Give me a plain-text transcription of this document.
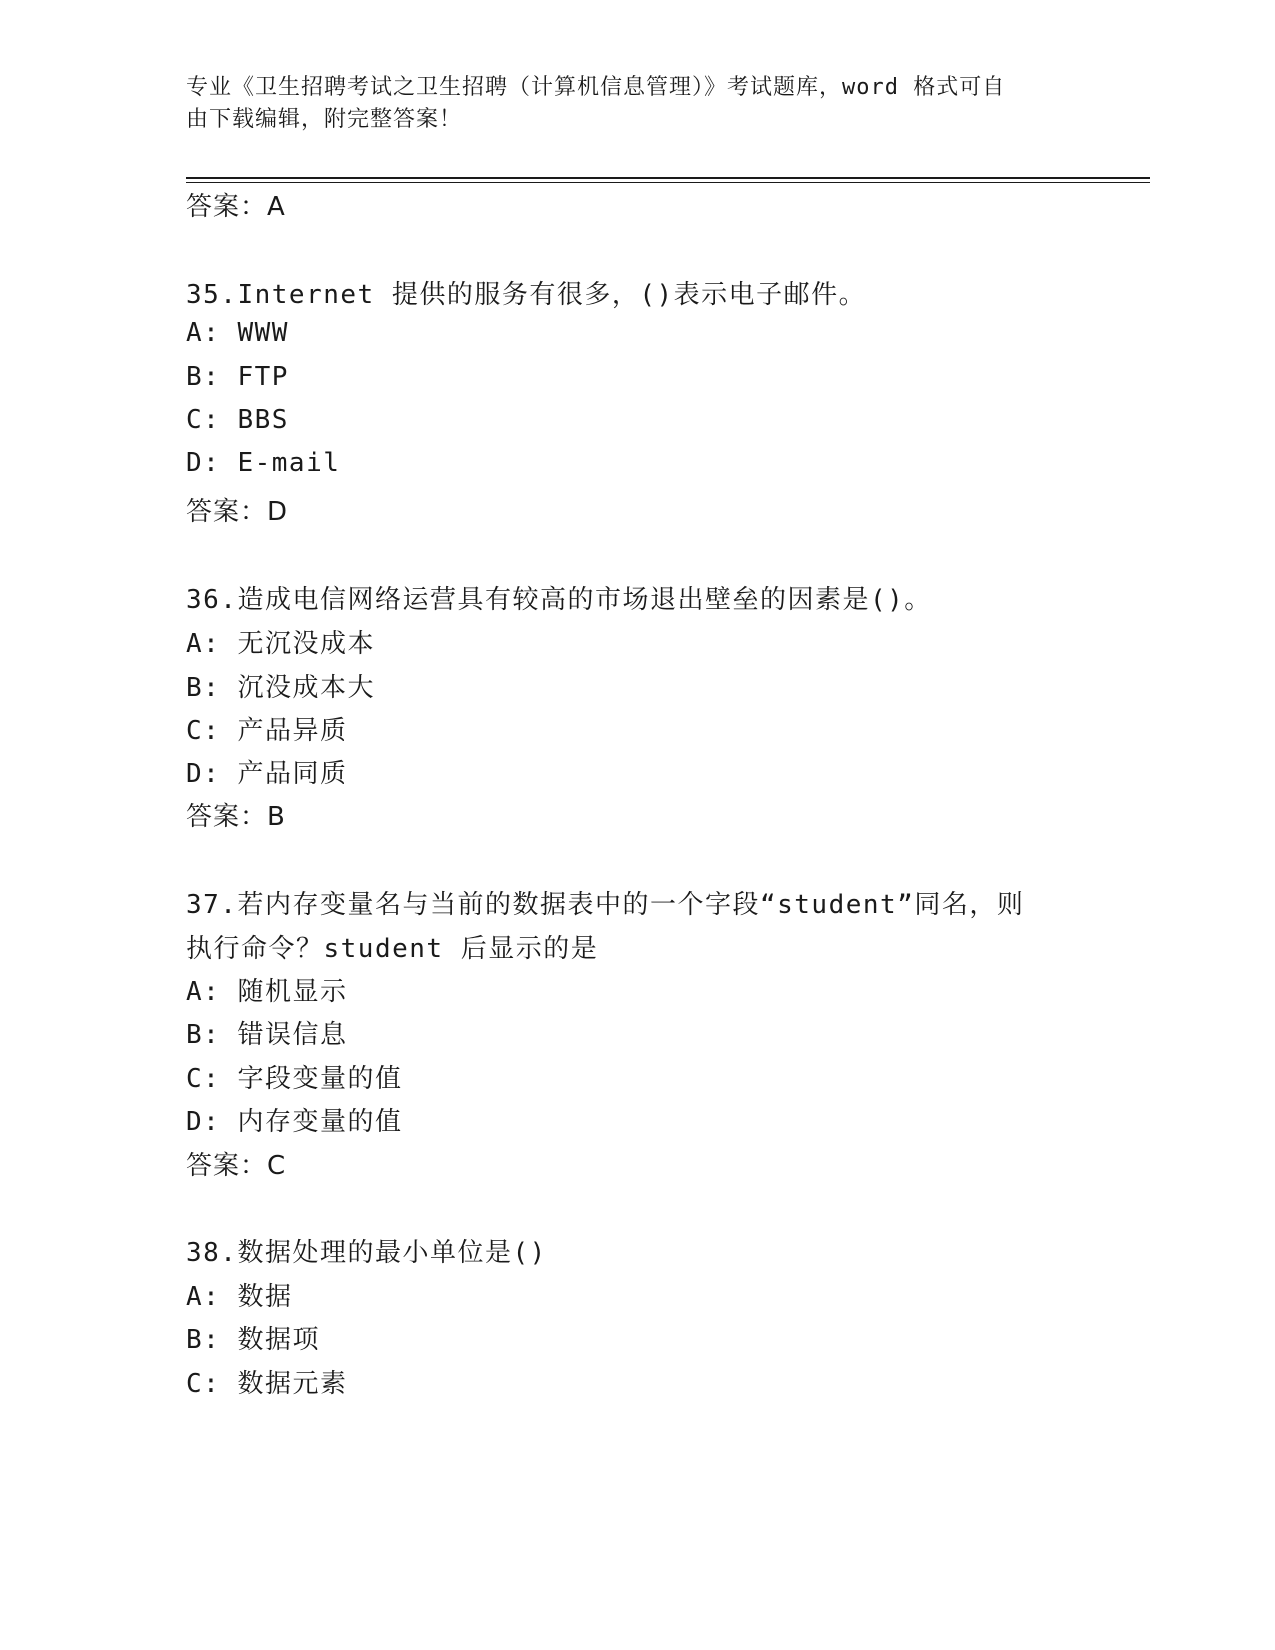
专业《卫生招聘考试之卫生招聘（计算机信息管理）》考试题库，word 格式可自
由下载编辑，附完整答案！
答案：A
35.Internet 提供的服务有很多，()表示电子邮件。
A: WWW
B: FTP
C: BBS
D: E-mail
答案：D
36.造成电信网络运营具有较高的市场退出壁垒的因素是()。
A: 无沉没成本
B: 沉没成本大
C: 产品异质
D: 产品同质
答案：B
37.若内存变量名与当前的数据表中的一个字段“student”同名，则
执行命令？student 后显示的是
A: 随机显示
B: 错误信息
C: 字段变量的值
D: 内存变量的值
答案：C
38.数据处理的最小单位是()
A: 数据
B: 数据项
C: 数据元素
